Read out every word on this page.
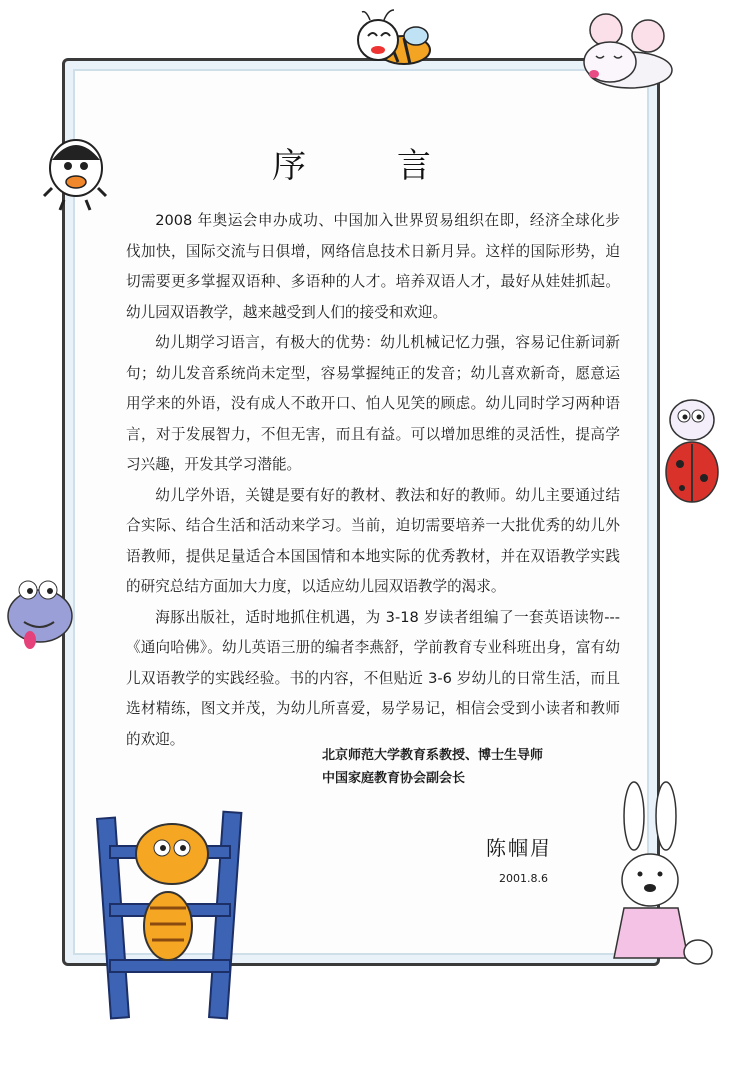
序 言

2008 年奥运会申办成功、中国加入世界贸易组织在即，经济全球化步伐加快，国际交流与日俱增，网络信息技术日新月异。这样的国际形势，迫切需要更多掌握双语种、多语种的人才。培养双语人才，最好从娃娃抓起。幼儿园双语教学，越来越受到人们的接受和欢迎。

幼儿期学习语言，有极大的优势：幼儿机械记忆力强，容易记住新词新句；幼儿发音系统尚未定型，容易掌握纯正的发音；幼儿喜欢新奇，愿意运用学来的外语，没有成人不敢开口、怕人见笑的顾虑。幼儿同时学习两种语言，对于发展智力，不但无害，而且有益。可以增加思维的灵活性，提高学习兴趣，开发其学习潜能。

幼儿学外语，关键是要有好的教材、教法和好的教师。幼儿主要通过结合实际、结合生活和活动来学习。当前，迫切需要培养一大批优秀的幼儿外语教师，提供足量适合本国国情和本地实际的优秀教材，并在双语教学实践的研究总结方面加大力度，以适应幼儿园双语教学的渴求。

海豚出版社，适时地抓住机遇，为 3-18 岁读者组编了一套英语读物---《通向哈佛》。幼儿英语三册的编者李燕舒，学前教育专业科班出身，富有幼儿双语教学的实践经验。书的内容，不但贴近 3-6 岁幼儿的日常生活，而且选材精练，图文并茂，为幼儿所喜爱，易学易记，相信会受到小读者和教师的欢迎。

北京师范大学教育系教授、博士生导师
中国家庭教育协会副会长
陈帼眉
2001.8.6
